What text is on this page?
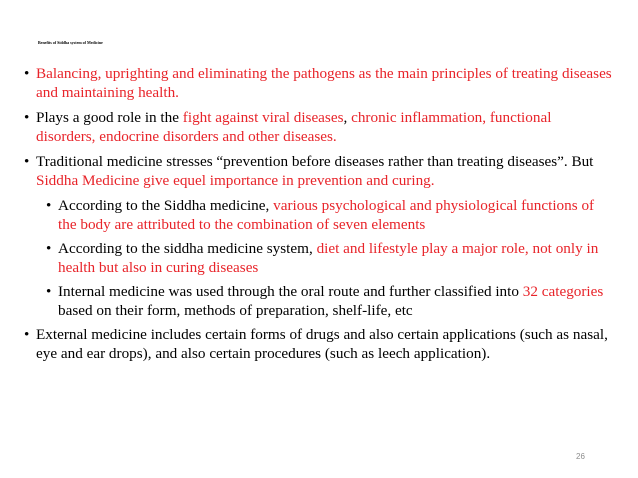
Benefits of Siddha system of Medicine
• Balancing, uprighting and eliminating the pathogens as the main principles of treating diseases and maintaining health.
• Plays a good role in the fight against viral diseases, chronic inflammation, functional disorders, endocrine disorders and other diseases.
• Traditional medicine stresses “prevention before diseases rather than treating diseases”. But Siddha Medicine give equel importance in prevention and curing.
• According to the Siddha medicine, various psychological and physiological functions of the body are attributed to the combination of seven elements
• According to the siddha medicine system, diet and lifestyle play a major role, not only in health but also in curing diseases
• Internal medicine was used through the oral route and further classified into 32 categories based on their form, methods of preparation, shelf-life, etc
• External medicine includes certain forms of drugs and also certain applications (such as nasal, eye and ear drops), and also certain procedures (such as leech application).
26
